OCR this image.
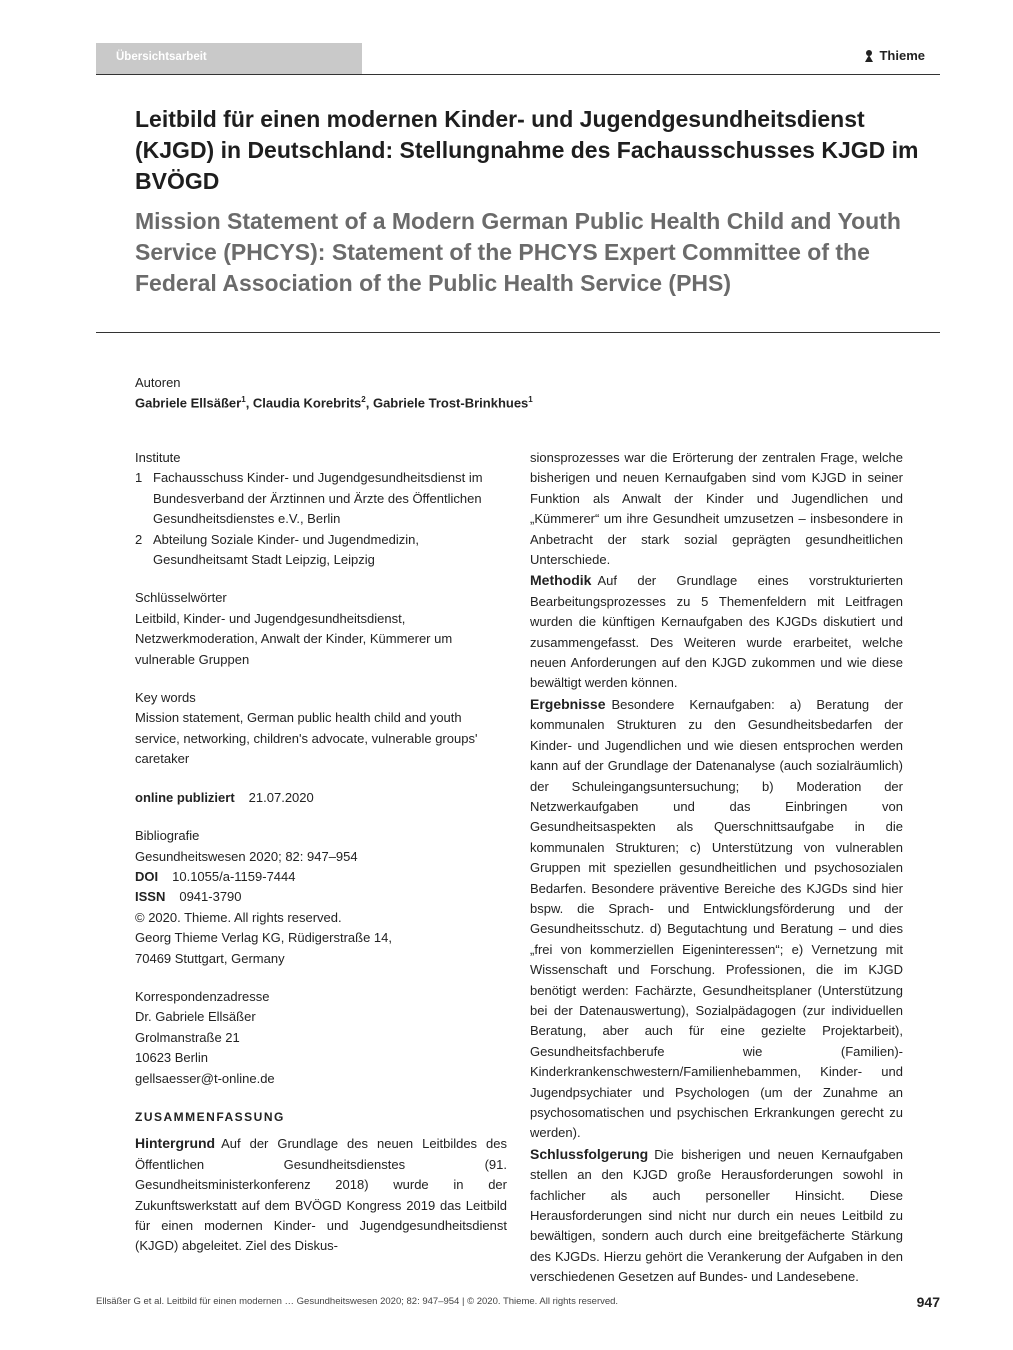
Übersichtsarbeit	Thieme
Leitbild für einen modernen Kinder- und Jugendgesundheitsdienst (KJGD) in Deutschland: Stellungnahme des Fachausschusses KJGD im BVÖGD
Mission Statement of a Modern German Public Health Child and Youth Service (PHCYS): Statement of the PHCYS Expert Committee of the Federal Association of the Public Health Service (PHS)
Autoren
Gabriele Ellsäßer$^1$, Claudia Korebrits$^2$, Gabriele Trost-Brinkhues$^1$

Institute

1 Fachausschuss Kinder- und Jugendgesundheitsdienst im Bundesverband der Ärztinnen und Ärzte des Öffentlichen Gesundheitsdienstes e.V., Berlin
2 Abteilung Soziale Kinder- und Jugendmedizin, Gesundheitsamt Stadt Leipzig, Leipzig

Schlüsselwörter

Leitbild, Kinder- und Jugendgesundheitsdienst, Netzwerkmoderation, Anwalt der Kinder, Kümmerer um vulnerable Gruppen

Key words

Mission statement, German public health child and youth service, networking, children's advocate, vulnerable groups' caretaker

online publiziert 21.07.2020

Bibliografie

Gesundheitswesen 2020; 82: 947–954

DOI 10.1055/a-1159-7444

ISSN 0941-3790

© 2020. Thieme. All rights reserved.

Georg Thieme Verlag KG, Rüdigerstraße 14,

70469 Stuttgart, Germany

Korrespondenzadresse

Dr. Gabriele Ellsäßer

Grolmanstraße 21

10623 Berlin

gellsaesser@t-online.de

ZUSAMMENFASSUNG

Hintergrund Auf der Grundlage des neuen Leitbildes des Öffentlichen Gesundheitsdienstes (91. Gesundheitsministerkonferenz 2018) wurde in der Zukunftswerkstatt auf dem BVÖGD Kongress 2019 das Leitbild für einen modernen Kinder- und Jugendgesundheitsdienst (KJGD) abgeleitet. Ziel des Diskus-

sionsprozesses war die Erörterung der zentralen Frage, welche bisherigen und neuen Kernaufgaben sind vom KJGD in seiner Funktion als Anwalt der Kinder und Jugendlichen und „Kümmerer“ um ihre Gesundheit umzusetzen – insbesondere in Anbetracht der stark sozial geprägten gesundheitlichen Unterschiede.

Methodik Auf der Grundlage eines vorstrukturierten Bearbeitungsprozesses zu 5 Themenfeldern mit Leitfragen wurden die künftigen Kernaufgaben des KJGDs diskutiert und zusammengefasst. Des Weiteren wurde erarbeitet, welche neuen Anforderungen auf den KJGD zukommen und wie diese bewältigt werden können.

Ergebnisse Besondere Kernaufgaben: a) Beratung der kommunalen Strukturen zu den Gesundheitsbedarfen der Kinder- und Jugendlichen und wie diesen entsprochen werden kann auf der Grundlage der Datenanalyse (auch sozialräumlich) der Schuleingangsuntersuchung; b) Moderation der Netzwerkaufgaben und das Einbringen von Gesundheitsaspekten als Querschnittsaufgabe in die kommunalen Strukturen; c) Unterstützung von vulnerablen Gruppen mit speziellen gesundheitlichen und psychosozialen Bedarfen. Besondere präventive Bereiche des KJGDs sind hier bspw. die Sprach- und Entwicklungsförderung und der Gesundheitsschutz. d) Begutachtung und Beratung – und dies „frei von kommerziellen Eigeninteressen“; e) Vernetzung mit Wissenschaft und Forschung. Professionen, die im KJGD benötigt werden: Fachärzte, Gesundheitsplaner (Unterstützung bei der Datenauswertung), Sozialpädagogen (zur individuellen Beratung, aber auch für eine gezielte Projektarbeit), Gesundheitsfachberufe wie (Familien)-Kinderkrankenschwestern/Familienhebammen, Kinder- und Jugendpsychiater und Psychologen (um der Zunahme an psychosomatischen und psychischen Erkrankungen gerecht zu werden).

Schlussfolgerung Die bisherigen und neuen Kernaufgaben stellen an den KJGD große Herausforderungen sowohl in fachlicher als auch personeller Hinsicht. Diese Herausforderungen sind nicht nur durch ein neues Leitbild zu bewältigen, sondern auch durch eine breitgefächerte Stärkung des KJGDs. Hierzu gehört die Verankerung der Aufgaben in den verschiedenen Gesetzen auf Bundes- und Landesebene.

Ellsäßer G et al. Leitbild für einen modernen … Gesundheitswesen 2020; 82: 947–954 | © 2020. Thieme. All rights reserved.	947
